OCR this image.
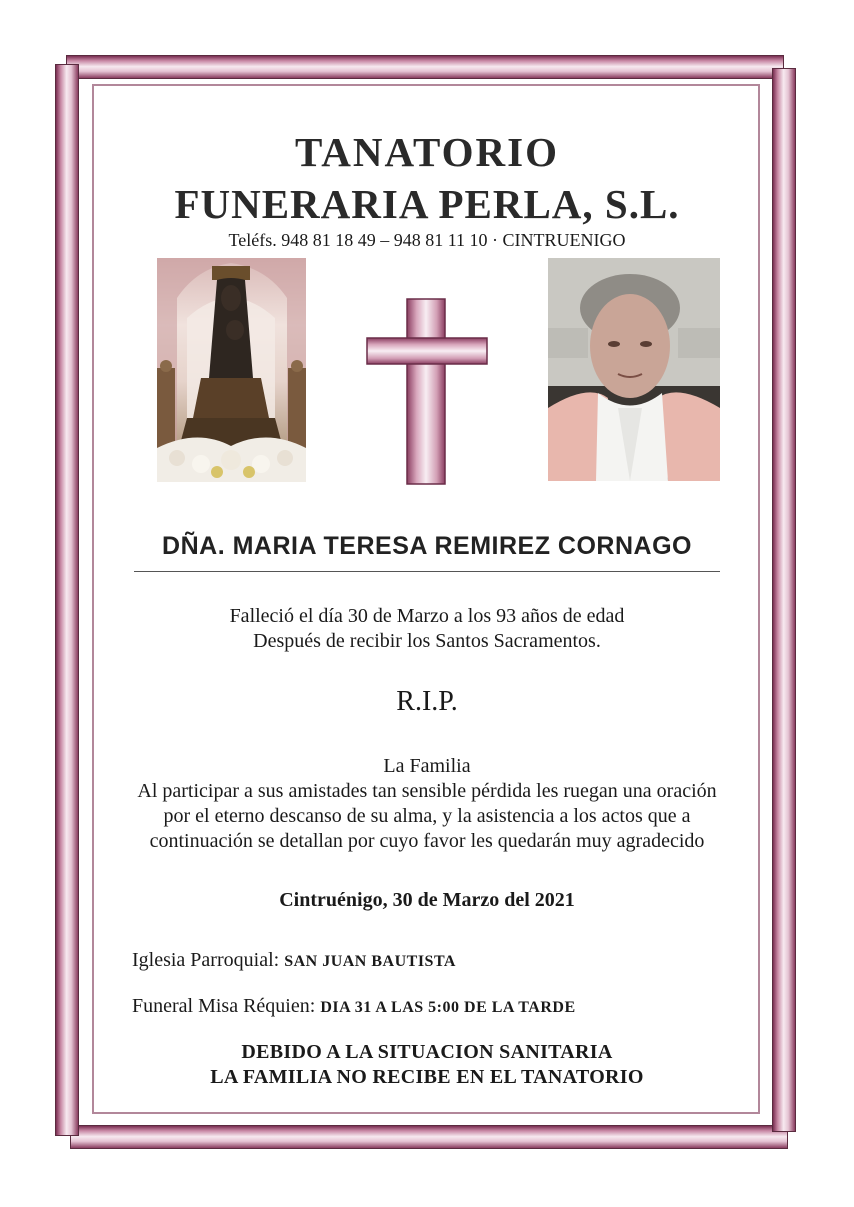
TANATORIO
FUNERARIA PERLA, S.L.
Teléfs. 948 81 18 49 – 948 81 11 10 · CINTRUENIGO
DÑA. MARIA TERESA REMIREZ CORNAGO
Falleció el día 30 de Marzo a los 93 años de edad
Después de recibir los Santos Sacramentos.
R.I.P.
La Familia
Al participar a sus amistades tan sensible pérdida les ruegan una oración
por el eterno descanso de su alma, y la asistencia a los actos que a
continuación se detallan por cuyo favor les quedarán muy agradecido
Cintruénigo, 30 de Marzo del 2021
Iglesia Parroquial: SAN JUAN BAUTISTA
Funeral Misa Réquien: DIA 31 A LAS 5:00 DE LA TARDE
DEBIDO A LA SITUACION SANITARIA
LA FAMILIA NO RECIBE EN EL TANATORIO
